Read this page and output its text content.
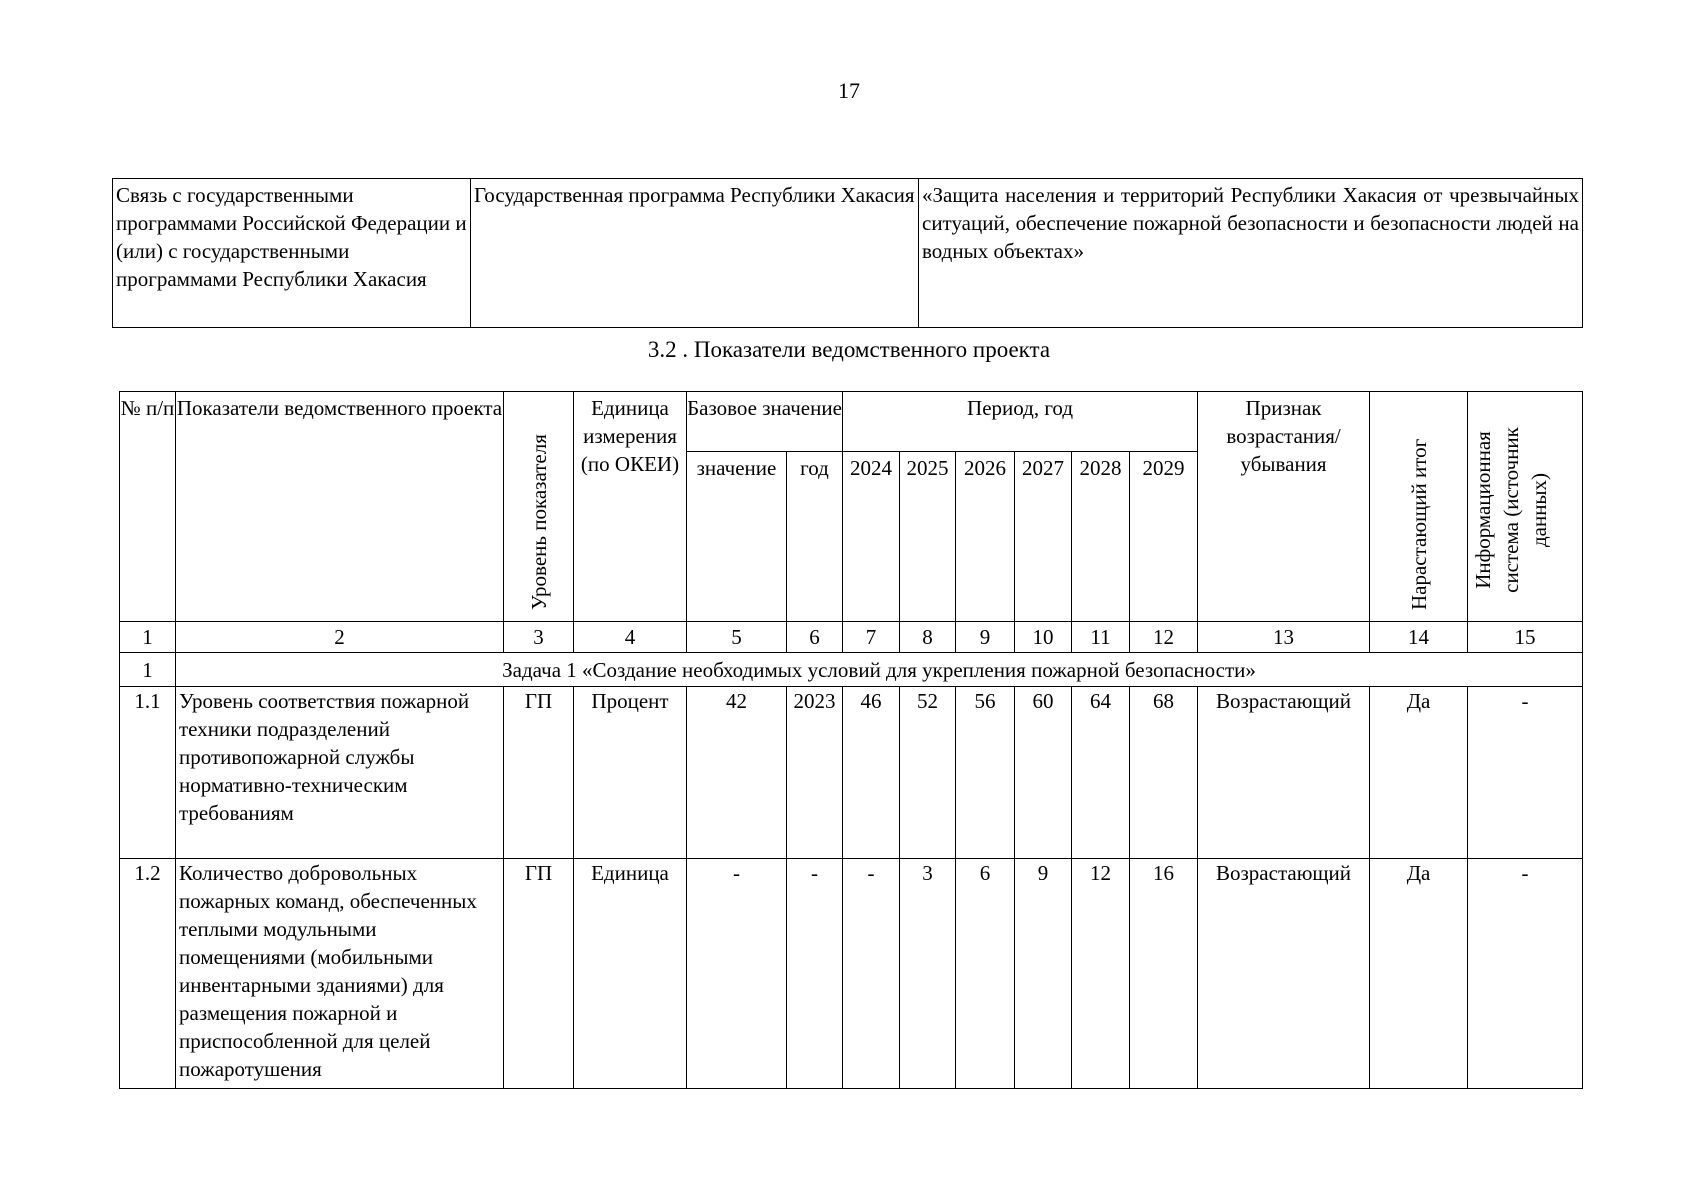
17
Связь с государственными программами Российской Федерации и (или) с государственными программами Республики Хакасия	Государственная программа Республики Хакасия	«Защита населения и территорий Республики Хакасия от чрезвычайных ситуаций, обеспечение пожарной безопасности и безопасности людей на водных объектах»
3.2 . Показатели ведомственного проекта
№ п/п	Показатели ведомственного проекта	Уровень показателя	Единица измерения (по ОКЕИ)	Базовое значение		Период, год						Признак возрастания/ убывания	Нарастающий итог	Информационная система (источник данных)

				значение	год	2024	2025	2026	2027	2028	2029			
1	2	3	4	5	6	7	8	9	10	11	12	13	14	15
1	Задача 1 «Создание необходимых условий для укрепления пожарной безопасности»													
1.1	Уровень соответствия пожарной техники подразделений противопожарной службы нормативно-техническим требованиям	ГП	Процент	42	2023	46	52	56	60	64	68	Возрастающий	Да	-
1.2	Количество добровольных пожарных команд, обеспеченных теплыми модульными помещениями (мобильными инвентарными зданиями) для размещения пожарной и приспособленной для целей пожаротушения	ГП	Единица	-	-	-	3	6	9	12	16	Возрастающий	Да	-
